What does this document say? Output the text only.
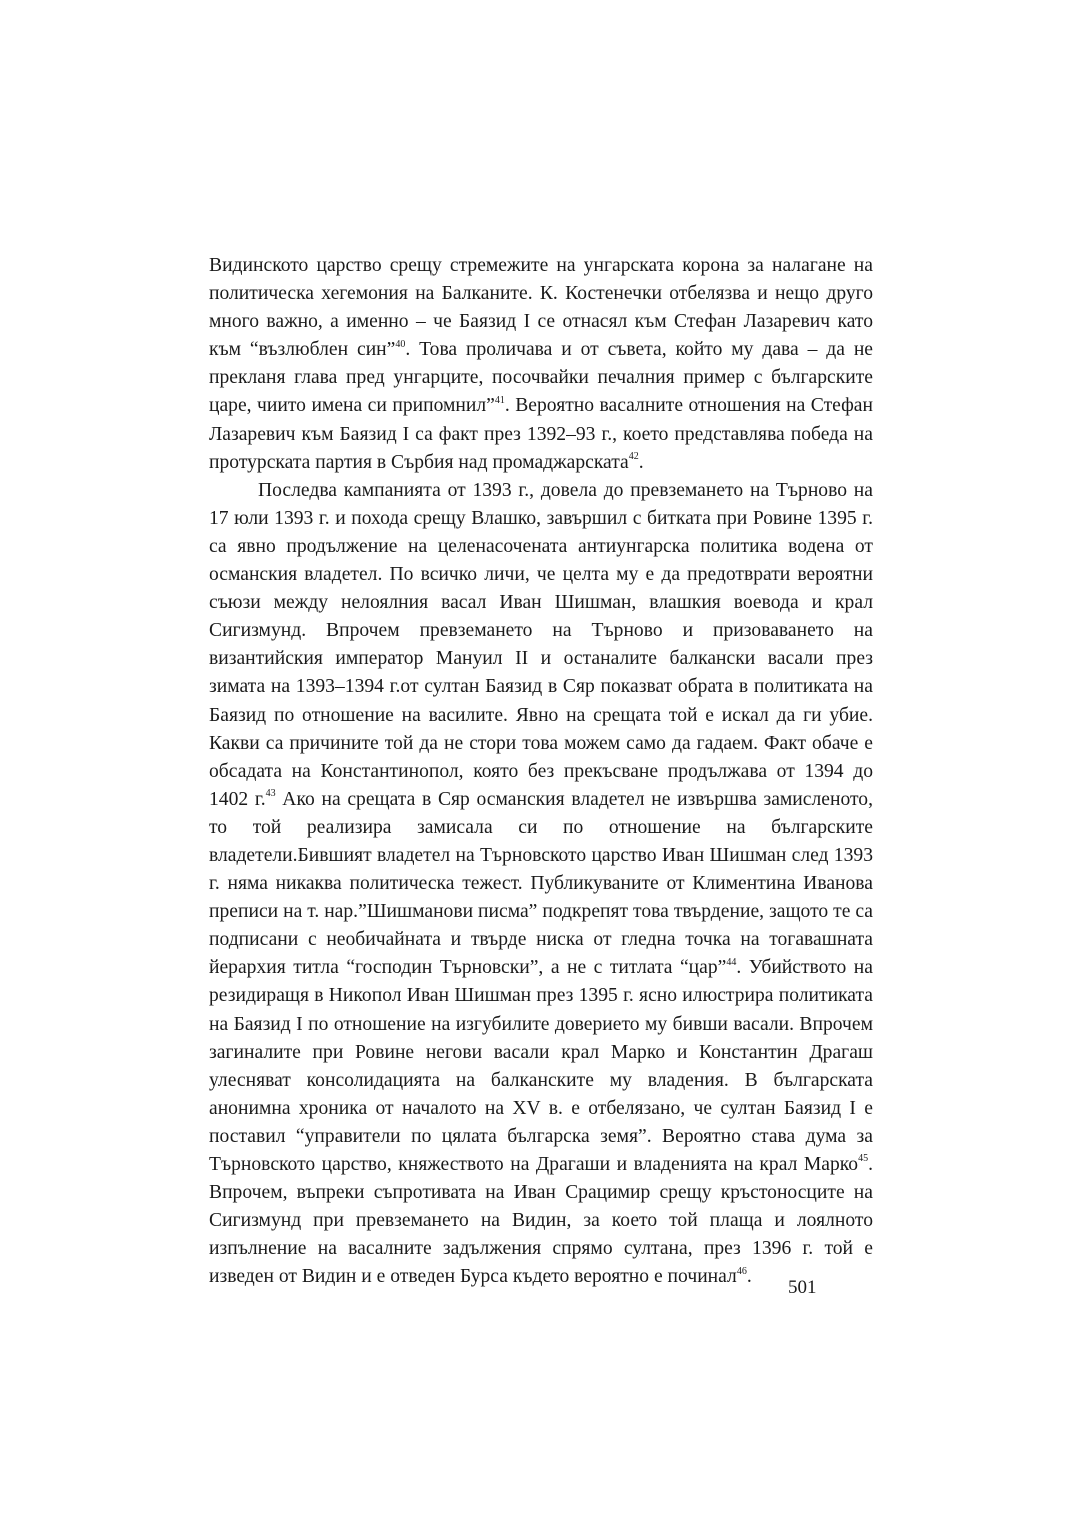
Видинското царство срещу стремежите на унгарската корона за налагане на политическа хегемония на Балканите. К. Костенечки отбелязва и нещо друго много важно, а именно – че Баязид I се отнасял към Стефан Лазаревич като към “възлюблен син”$^{40}$. Това проличава и от съвета, който му дава – да не прекланя глава пред унгарците, посочвайки печалния пример с българските царе, чиито имена си припомнил”$^{41}$. Вероятно васалните отношения на Стефан Лазаревич към Баязид I са факт през 1392–93 г., което представлява победа на протурската партия в Сърбия над промаджарската$^{42}$.

Последва кампанията от 1393 г., довела до превземането на Търново на 17 юли 1393 г. и похода срещу Влашко, завършил с битката при Ровине 1395 г. са явно продължение на целенасочената антиунгарска политика водена от османския владетел. По всичко личи, че целта му е да предотврати вероятни съюзи между нелоялния васал Иван Шишман, влашкия воевода и крал Сигизмунд. Впрочем превземането на Търново и призоваването на византийския император Мануил II и останалите балкански васали през зимата на 1393–1394 г.от султан Баязид в Сяр показват обрата в политиката на Баязид по отношение на василите. Явно на срещата той е искал да ги убие. Какви са причините той да не стори това можем само да гадаем. Факт обаче е обсадата на Константинопол, която без прекъсване продължава от 1394 до 1402 г.$^{43}$ Ако на срещата в Сяр османския владетел не извършва замисленото, то той реализира замисала си по отношение на българските владетели.Бившият владетел на Търновското царство Иван Шишман след 1393 г. няма никаква политическа тежест. Публикуваните от Климентина Иванова преписи на т. нар.”Шишманови писма” подкрепят това твърдение, защото те са подписани с необичайната и твърде ниска от гледна точка на тогавашната йерархия титла “господин Търновски”, а не с титлата “цар”$^{44}$. Убийството на резидиращя в Никопол Иван Шишман през 1395 г. ясно илюстрира политиката на Баязид I по отношение на изгубилите доверието му бивши васали. Впрочем загиналите при Ровине негови васали крал Марко и Константин Драгаш улесняват консолидацията на балканските му владения. В българската анонимна хроника от началото на XV в. е отбелязано, че султан Баязид I е поставил “управители по цялата българска земя”. Вероятно става дума за Търновското царство, княжеството на Драгаши и владенията на крал Марко$^{45}$. Впрочем, въпреки съпротивата на Иван Срацимир срещу кръстоносците на Сигизмунд при превземането на Видин, за което той плаща и лоялното изпълнение на васалните задължения спрямо султана, през 1396 г. той е изведен от Видин и е отведен Бурса където вероятно е починал$^{46}$.

501
